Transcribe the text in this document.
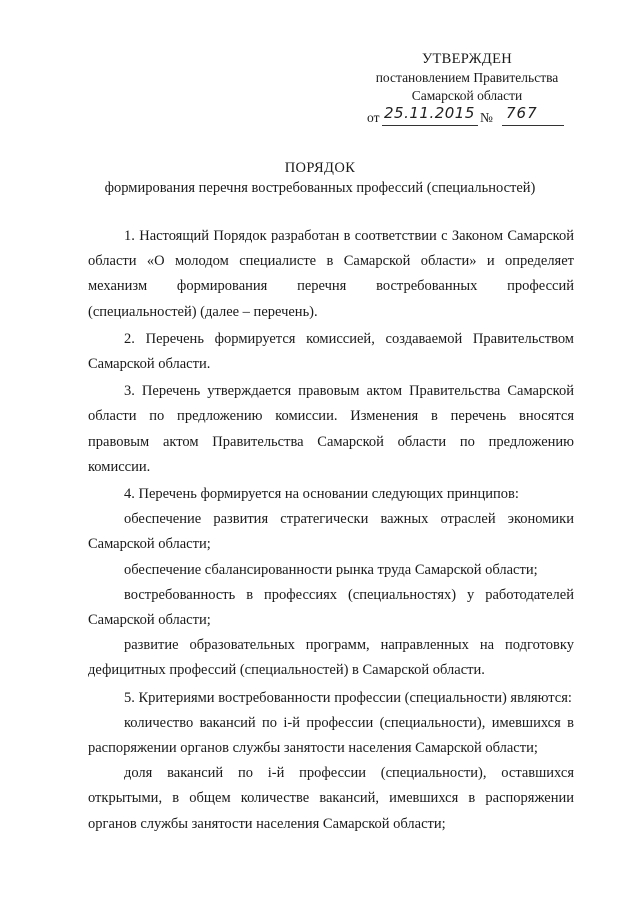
УТВЕРЖДЕН
постановлением Правительства
Самарской области
от 25.11.2015 № 767
ПОРЯДОК
формирования перечня востребованных профессий (специальностей)

1. Настоящий Порядок разработан в соответствии с Законом Самарской области «О молодом специалисте в Самарской области» и определяет механизм формирования перечня востребованных профессий (специальностей) (далее – перечень).

2. Перечень формируется комиссией, создаваемой Правительством Самарской области.

3. Перечень утверждается правовым актом Правительства Самарской области по предложению комиссии. Изменения в перечень вносятся правовым актом Правительства Самарской области по предложению комиссии.

4. Перечень формируется на основании следующих принципов:

обеспечение развития стратегически важных отраслей экономики Самарской области;

обеспечение сбалансированности рынка труда Самарской области;

востребованность в профессиях (специальностях) у работодателей Самарской области;

развитие образовательных программ, направленных на подготовку дефицитных профессий (специальностей) в Самарской области.

5. Критериями востребованности профессии (специальности) являются:

количество вакансий по i-й профессии (специальности), имевшихся в распоряжении органов службы занятости населения Самарской области;

доля вакансий по i-й профессии (специальности), оставшихся открытыми, в общем количестве вакансий, имевшихся в распоряжении органов службы занятости населения Самарской области;
